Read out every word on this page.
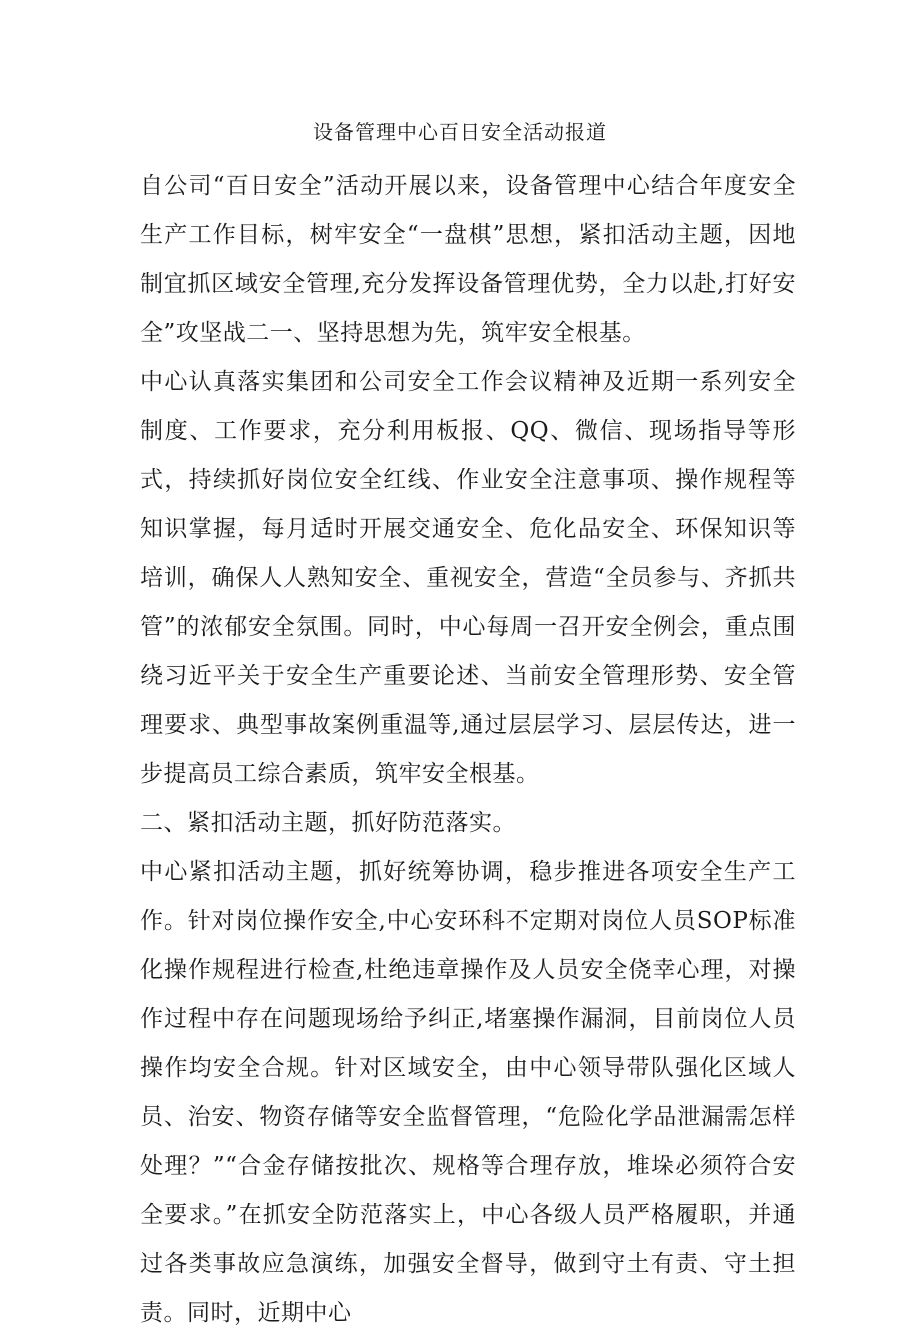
设备管理中心百日安全活动报道

自公司“百日安全”活动开展以来，设备管理中心结合年度安全生产工作目标，树牢安全“一盘棋”思想，紧扣活动主题，因地制宜抓区域安全管理,充分发挥设备管理优势，全力以赴,打好安全”攻坚战二一、坚持思想为先，筑牢安全根基。

中心认真落实集团和公司安全工作会议精神及近期一系列安全制度、工作要求，充分利用板报、QQ、微信、现场指导等形式，持续抓好岗位安全红线、作业安全注意事项、操作规程等知识掌握，每月适时开展交通安全、危化品安全、环保知识等培训，确保人人熟知安全、重视安全，营造“全员参与、齐抓共管”的浓郁安全氛围。同时，中心每周一召开安全例会，重点围绕习近平关于安全生产重要论述、当前安全管理形势、安全管理要求、典型事故案例重温等,通过层层学习、层层传达，进一步提高员工综合素质，筑牢安全根基。

二、紧扣活动主题，抓好防范落实。

中心紧扣活动主题，抓好统筹协调，稳步推进各项安全生产工作。针对岗位操作安全,中心安环科不定期对岗位人员SOP标准化操作规程进行检查,杜绝违章操作及人员安全侥幸心理，对操作过程中存在问题现场给予纠正,堵塞操作漏洞，目前岗位人员操作均安全合规。针对区域安全，由中心领导带队强化区域人员、治安、物资存储等安全监督管理，“危险化学品泄漏需怎样处理？”“合金存储按批次、规格等合理存放，堆垛必须符合安全要求。”在抓安全防范落实上，中心各级人员严格履职，并通过各类事故应急演练，加强安全督导，做到守土有责、守土担责。同时，近期中心
